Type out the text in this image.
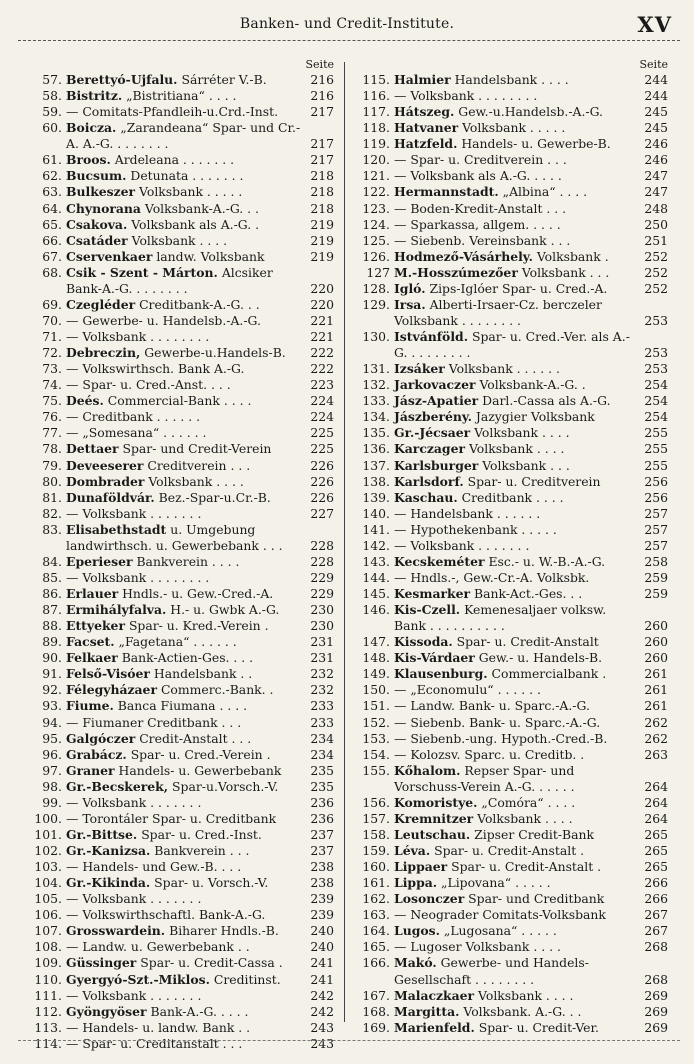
Banken- und Credit-Institute.	XV
Seite
57. Berettyó-Ujfalu. Sárréter V.-B.	216
58. Bistritz. „Bistritiana“ . . . .	216
59. — Comitats-Pfandleih-u.Crd.-Inst.	217
60. Boicza. „Zarandeana“ Spar- und Cr.-A. A.-G. . . . . . . .	217
61. Broos. Ardeleana . . . . . . .	217
62. Bucsum. Detunata . . . . . . .	218
63. Bulkeszer Volksbank . . . . .	218
64. Chynorana Volksbank-A.-G. . .	218
65. Csakova. Volksbank als A.-G. .	219
66. Csatáder Volksbank . . . .	219
67. Cservenkaer landw. Volksbank	219
68. Csik - Szent - Márton. Alcsiker Bank-A.-G. . . . . . . .	220
69. Czegléder Creditbank-A.-G. . .	220
70. — Gewerbe- u. Handelsb.-A.-G.	221
71. — Volksbank . . . . . . . .	221
72. Debreczin, Gewerbe-u.Handels-B.	222
73. — Volkswirthsch. Bank A.-G.	222
74. — Spar- u. Cred.-Anst. . . .	223
75. Deés. Commercial-Bank . . . .	224
76. — Creditbank . . . . . .	224
77. — „Somesana“ . . . . . .	225
78. Dettaer Spar- und Credit-Verein	225
79. Deveeserer Creditverein . . .	226
80. Dombrader Volksbank . . . .	226
81. Dunaföldvár. Bez.-Spar-u.Cr.-B.	226
82. — Volksbank . . . . . . .	227
83. Elisabethstadt u. Umgebung landwirthsch. u. Gewerbebank . . .	228
84. Eperieser Bankverein . . . .	228
85. — Volksbank . . . . . . . .	229
86. Erlauer Hndls.- u. Gew.-Cred.-A.	229
87. Ermihályfalva. H.- u. Gwbk A.-G.	230
88. Ettyeker Spar- u. Kred.-Verein .	230
89. Facset. „Fagetana“ . . . . . .	231
90. Felkaer Bank-Actien-Ges. . . .	231
91. Felső-Visóer Handelsbank . .	232
92. Félegyházaer Commerc.-Bank. .	232
93. Fiume. Banca Fiumana . . . .	233
94. — Fiumaner Creditbank . . .	233
95. Galgóczer Credit-Anstalt . . .	234
96. Grabácz. Spar- u. Cred.-Verein .	234
97. Graner Handels- u. Gewerbebank	235
98. Gr.-Becskerek, Spar-u.Vorsch.-V.	235
99. — Volksbank . . . . . . .	236
100. — Torontáler Spar- u. Creditbank	236
101. Gr.-Bittse. Spar- u. Cred.-Inst.	237
102. Gr.-Kanizsa. Bankverein . . .	237
103. — Handels- und Gew.-B. . . .	238
104. Gr.-Kikinda. Spar- u. Vorsch.-V.	238
105. — Volksbank . . . . . . .	239
106. — Volkswirthschaftl. Bank-A.-G.	239
107. Grosswardein. Biharer Hndls.-B.	240
108. — Landw. u. Gewerbebank . .	240
109. Güssinger Spar- u. Credit-Cassa .	241
110. Gyergyó-Szt.-Miklos. Creditinst.	241
111. — Volksbank . . . . . . .	242
112. Gyöngyöser Bank-A.-G. . . . .	242
113. — Handels- u. landw. Bank . .	243
114. — Spar- u. Creditanstalt . . .	243
Seite
115. Halmier Handelsbank . . . .	244
116. — Volksbank . . . . . . . .	244
117. Hátszeg. Gew.-u.Handelsb.-A.-G.	245
118. Hatvaner Volksbank . . . . .	245
119. Hatzfeld. Handels- u. Gewerbe-B.	246
120. — Spar- u. Creditverein . . .	246
121. — Volksbank als A.-G. . . . .	247
122. Hermannstadt. „Albina“ . . . .	247
123. — Boden-Kredit-Anstalt . . .	248
124. — Sparkassa, allgem. . . . .	250
125. — Siebenb. Vereinsbank . . .	251
126. Hodmező-Vásárhely. Volksbank .	252
127 M.-Hosszúmezőer Volksbank . . .	252
128. Igló. Zips-Iglóer Spar- u. Cred.-A.	252
129. Irsa. Alberti-Irsaer-Cz. berczeler Volksbank . . . . . . . .	253
130. Istvánföld. Spar- u. Cred.-Ver. als A.-G. . . . . . . . .	253
131. Izsáker Volksbank . . . . . .	253
132. Jarkovaczer Volksbank-A.-G. .	254
133. Jász-Apatier Darl.-Cassa als A.-G.	254
134. Jászberény. Jazygier Volksbank	254
135. Gr.-Jécsaer Volksbank . . . .	255
136. Karczager Volksbank . . . .	255
137. Karlsburger Volksbank . . .	255
138. Karlsdorf. Spar- u. Creditverein	256
139. Kaschau. Creditbank . . . .	256
140. — Handelsbank . . . . . .	257
141. — Hypothekenbank . . . . .	257
142. — Volksbank . . . . . . .	257
143. Kecskeméter Esc.- u. W.-B.-A.-G.	258
144. — Hndls.-, Gew.-Cr.-A. Volksbk.	259
145. Kesmarker Bank-Act.-Ges. . .	259
146. Kis-Czell. Kemenesaljaer volksw. Bank . . . . . . . . . .	260
147. Kissoda. Spar- u. Credit-Anstalt	260
148. Kis-Várdaer Gew.- u. Handels-B.	260
149. Klausenburg. Commercialbank .	261
150. — „Economulu“ . . . . . .	261
151. — Landw. Bank- u. Sparc.-A.-G.	261
152. — Siebenb. Bank- u. Sparc.-A.-G.	262
153. — Siebenb.-ung. Hypoth.-Cred.-B.	262
154. — Kolozsv. Sparc. u. Creditb. .	263
155. Kőhalom. Repser Spar- und Vorschuss-Verein A.-G. . . . . .	264
156. Komoristye. „Comóra“ . . . .	264
157. Kremnitzer Volksbank . . . .	264
158. Leutschau. Zipser Credit-Bank	265
159. Léva. Spar- u. Credit-Anstalt .	265
160. Lippaer Spar- u. Credit-Anstalt .	265
161. Lippa. „Lipovana“ . . . . .	266
162. Losonczer Spar- und Creditbank	266
163. — Neograder Comitats-Volksbank	267
164. Lugos. „Lugosana“ . . . . .	267
165. — Lugoser Volksbank . . . .	268
166. Makó. Gewerbe- und Handels-Gesellschaft . . . . . . . .	268
167. Malaczkaer Volksbank . . . .	269
168. Margitta. Volksbank. A.-G. . .	269
169. Marienfeld. Spar- u. Credit-Ver.	269
